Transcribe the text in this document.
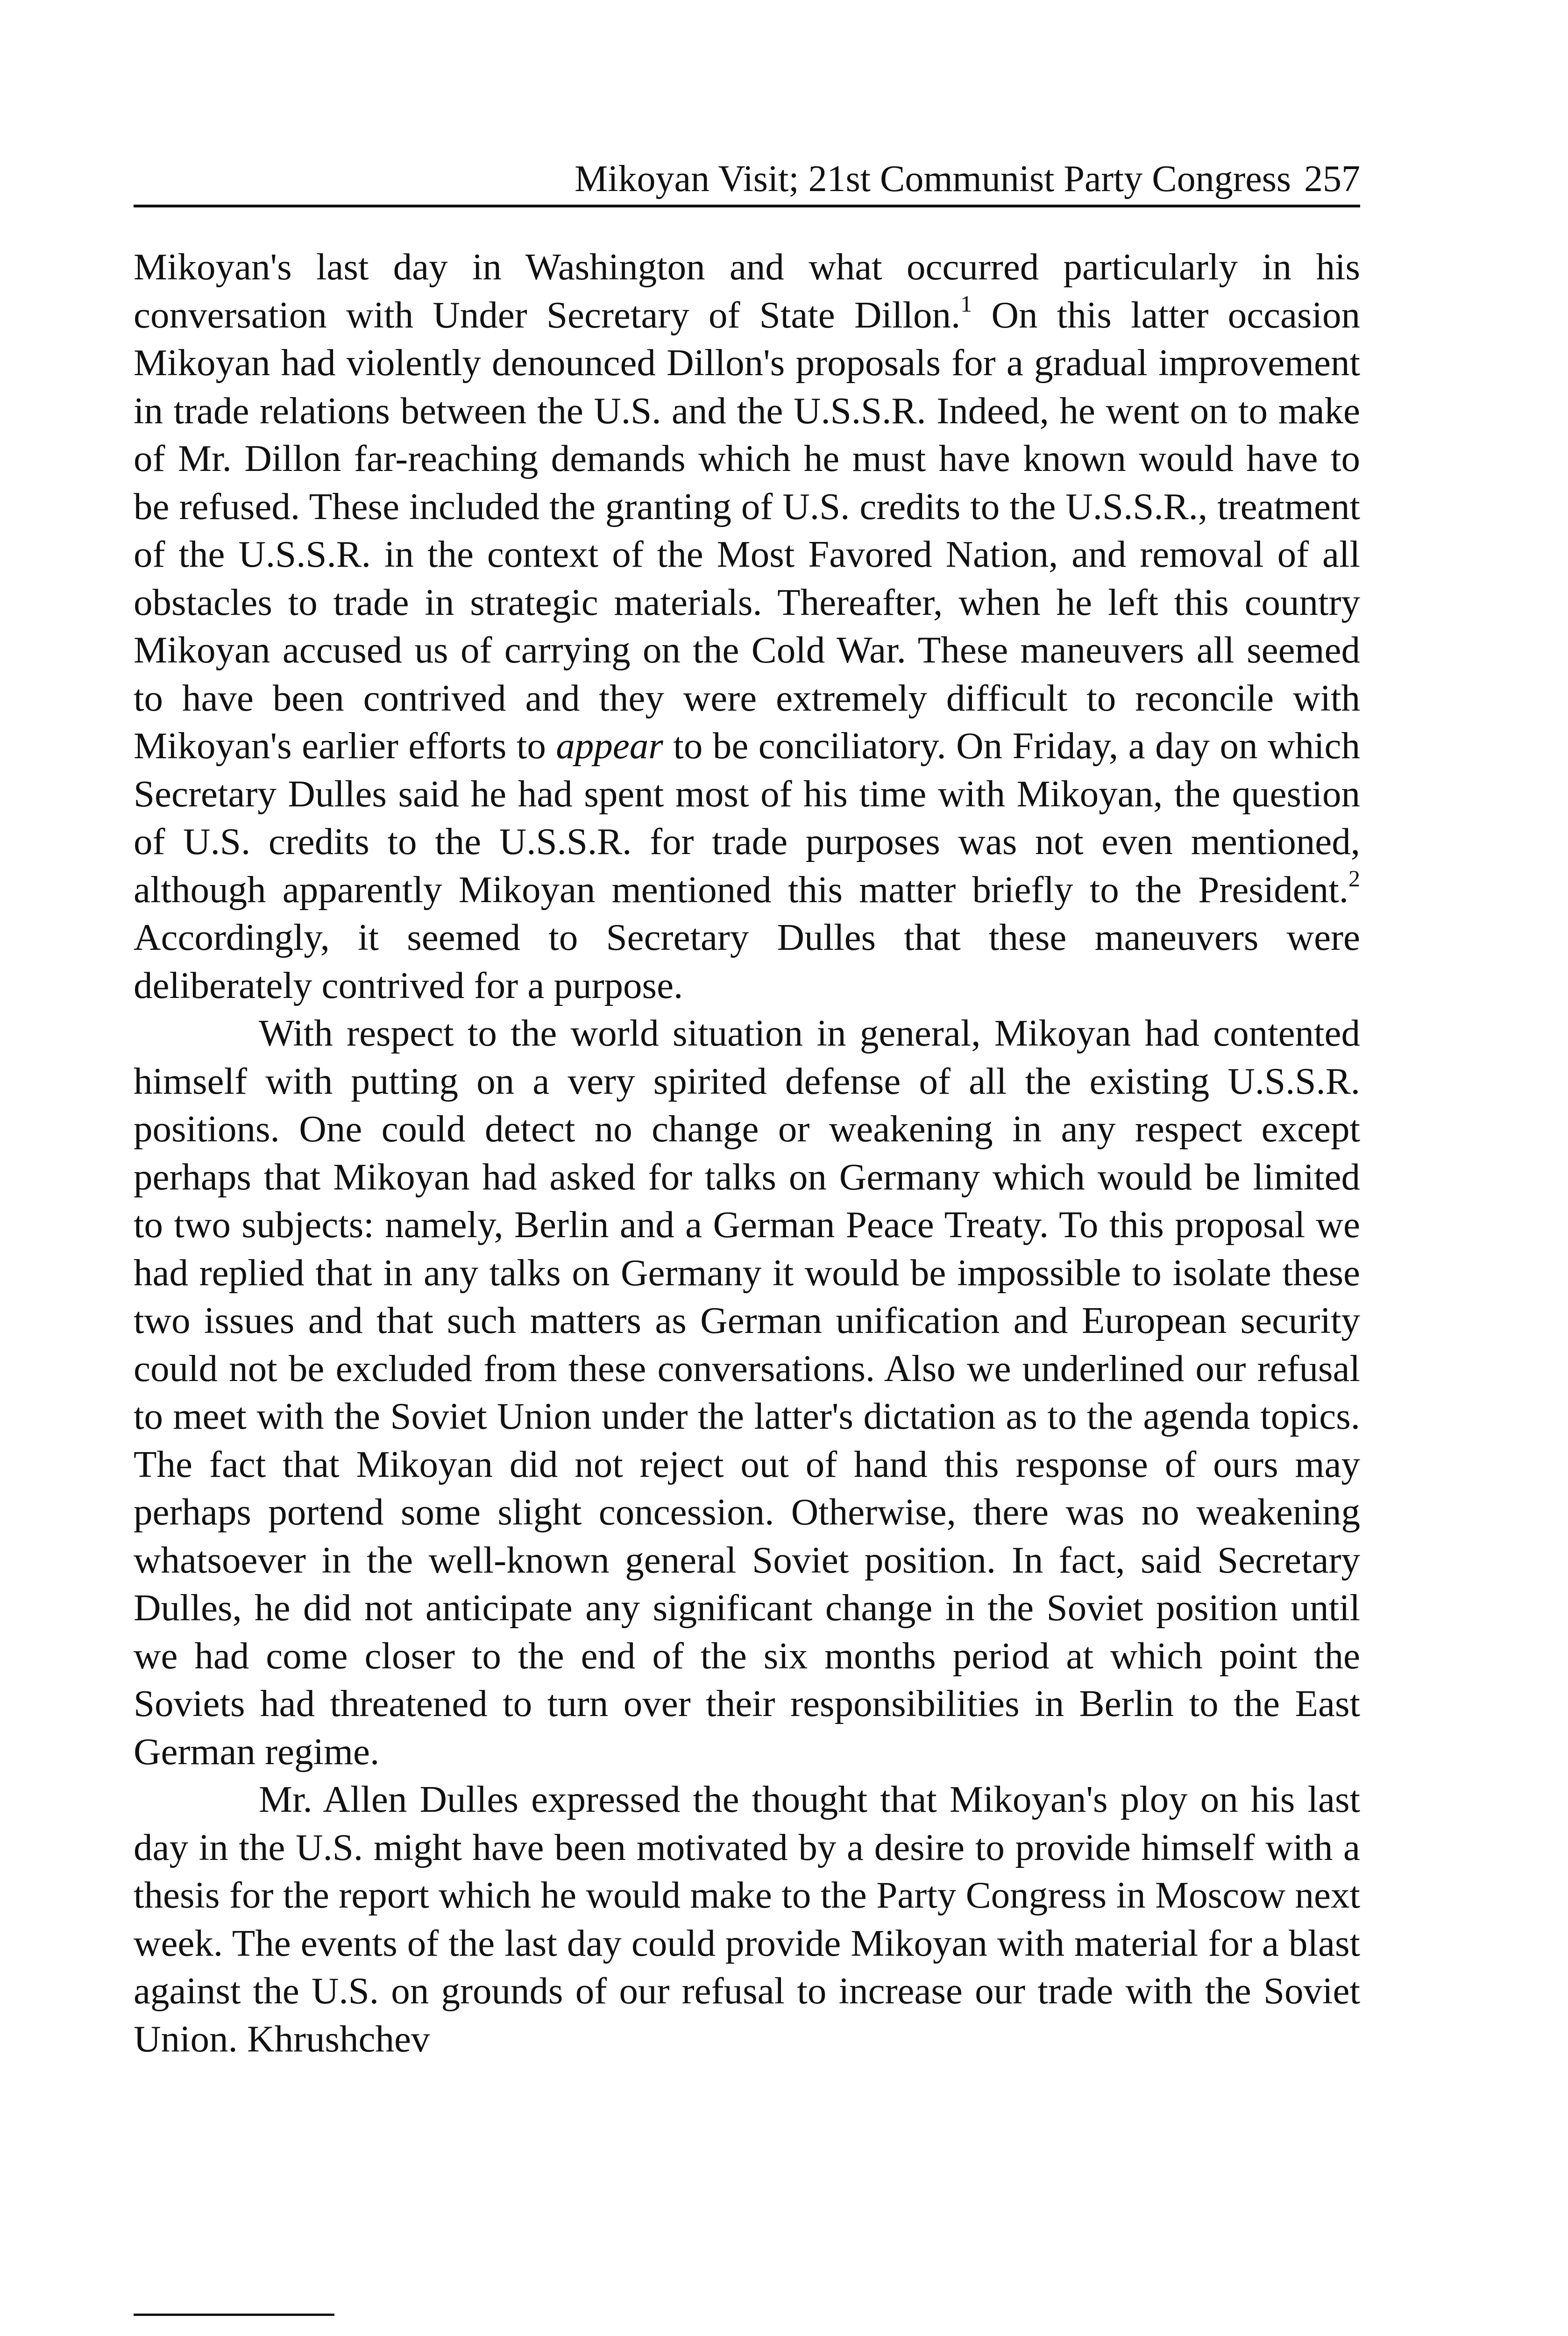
Mikoyan Visit; 21st Communist Party Congress 257

Mikoyan's last day in Washington and what occurred particularly in his conversation with Under Secretary of State Dillon.$^1$ On this latter occasion Mikoyan had violently denounced Dillon's proposals for a gradual improvement in trade relations between the U.S. and the U.S.S.R. Indeed, he went on to make of Mr. Dillon far-reaching demands which he must have known would have to be refused. These included the granting of U.S. credits to the U.S.S.R., treatment of the U.S.S.R. in the context of the Most Favored Nation, and removal of all obstacles to trade in strategic materials. Thereafter, when he left this country Mikoyan accused us of carrying on the Cold War. These maneuvers all seemed to have been contrived and they were extremely difficult to reconcile with Mikoyan's earlier efforts to appear to be conciliatory. On Friday, a day on which Secretary Dulles said he had spent most of his time with Mikoyan, the question of U.S. credits to the U.S.S.R. for trade purposes was not even mentioned, although apparently Mikoyan mentioned this matter briefly to the President.$^2$ Accordingly, it seemed to Secretary Dulles that these maneuvers were deliberately contrived for a purpose.

With respect to the world situation in general, Mikoyan had contented himself with putting on a very spirited defense of all the existing U.S.S.R. positions. One could detect no change or weakening in any respect except perhaps that Mikoyan had asked for talks on Germany which would be limited to two subjects: namely, Berlin and a German Peace Treaty. To this proposal we had replied that in any talks on Germany it would be impossible to isolate these two issues and that such matters as German unification and European security could not be excluded from these conversations. Also we underlined our refusal to meet with the Soviet Union under the latter's dictation as to the agenda topics. The fact that Mikoyan did not reject out of hand this response of ours may perhaps portend some slight concession. Otherwise, there was no weakening whatsoever in the well-known general Soviet position. In fact, said Secretary Dulles, he did not anticipate any significant change in the Soviet position until we had come closer to the end of the six months period at which point the Soviets had threatened to turn over their responsibilities in Berlin to the East German regime.

Mr. Allen Dulles expressed the thought that Mikoyan's ploy on his last day in the U.S. might have been motivated by a desire to provide himself with a thesis for the report which he would make to the Party Congress in Moscow next week. The events of the last day could provide Mikoyan with material for a blast against the U.S. on grounds of our refusal to increase our trade with the Soviet Union. Khrushchev
